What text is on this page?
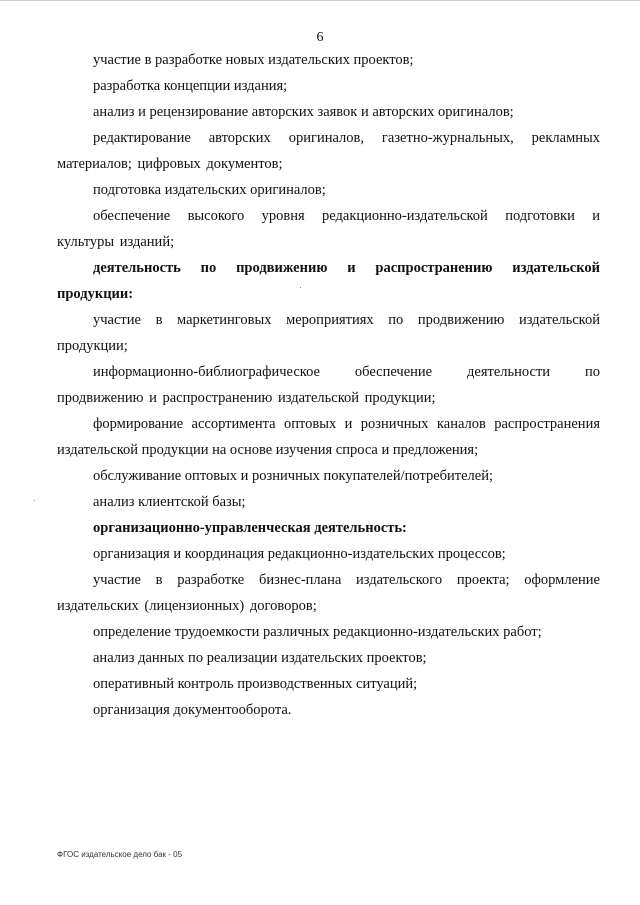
6

участие в разработке новых издательских проектов;

разработка концепции издания;

анализ и рецензирование авторских заявок и авторских оригиналов;

редактирование авторских оригиналов, газетно-журнальных, рекламных материалов; цифровых документов;

подготовка издательских оригиналов;

обеспечение высокого уровня редакционно-издательской подготовки и культуры изданий;

деятельность по продвижению и распространению издательской продукции:

участие в маркетинговых мероприятиях по продвижению издательской продукции;

информационно-библиографическое обеспечение деятельности по продвижению и распространению издательской продукции;

формирование ассортимента оптовых и розничных каналов распространения издательской продукции на основе изучения спроса и предложения;

обслуживание оптовых и розничных покупателей/потребителей;

анализ клиентской базы;

организационно-управленческая деятельность:

организация и координация редакционно-издательских процессов;

участие в разработке бизнес-плана издательского проекта; оформление издательских (лицензионных) договоров;

определение трудоемкости различных редакционно-издательских работ;

анализ данных по реализации издательских проектов;

оперативный контроль производственных ситуаций;

организация документооборота.

ФГОС издательское дело бак - 05
